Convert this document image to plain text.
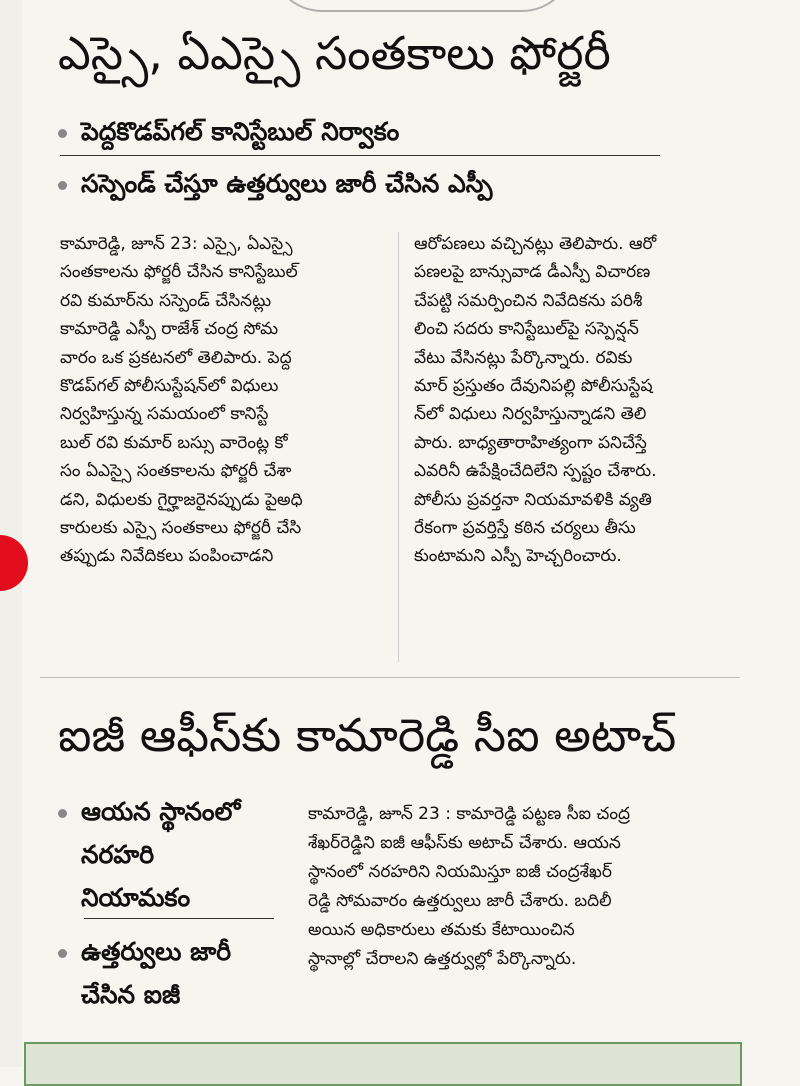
ఎస్సై, ఏఎస్సై సంతకాలు ఫోర్జరీ
పెద్దకొడప్‌గల్ కానిస్టేబుల్ నిర్వాకం
సస్పెండ్ చేస్తూ ఉత్తర్వులు జారీ చేసిన ఎస్పీ
కామారెడ్డి, జూన్ 23: ఎస్సై, ఏఎస్సై
సంతకాలను ఫోర్జరీ చేసిన కానిస్టేబుల్
రవి కుమార్‌ను సస్పెండ్ చేసినట్లు
కామారెడ్డి ఎస్పీ రాజేశ్ చంద్ర సోమ
వారం ఒక ప్రకటనలో తెలిపారు. పెద్ద
కొడప్‌గల్ పోలీసుస్టేషన్‌లో విధులు
నిర్వహిస్తున్న సమయంలో కానిస్టే
బుల్ రవి కుమార్ బస్సు వారెంట్ల కో
సం ఏఎస్సై సంతకాలను ఫోర్జరీ చేశా
డని, విధులకు గైర్హాజరైనప్పుడు పైఅధి
కారులకు ఎస్సై సంతకాలు ఫోర్జరీ చేసి
తప్పుడు నివేదికలు పంపించాడని
ఆరోపణలు వచ్చినట్లు తెలిపారు. ఆరో
పణలపై బాన్సువాడ డీఎస్పీ విచారణ
చేపట్టి సమర్పించిన నివేదికను పరిశీ
లించి సదరు కానిస్టేబుల్‌పై సస్పెన్షన్
వేటు వేసినట్లు పేర్కొన్నారు. రవికు
మార్ ప్రస్తుతం దేవునిపల్లి పోలీసుస్టేష
న్‌లో విధులు నిర్వహిస్తున్నాడని తెలి
పారు. బాధ్యతారాహిత్యంగా పనిచేస్తే
ఎవరినీ ఉపేక్షించేదిలేని స్పష్టం చేశారు.
పోలీసు ప్రవర్తనా నియమావళికి వ్యతి
రేకంగా ప్రవర్తిస్తే కఠిన చర్యలు తీసు
కుంటామని ఎస్పీ హెచ్చరించారు.
ఐజీ ఆఫీస్‌కు కామారెడ్డి సీఐ అటాచ్
ఆయన స్థానంలో
నరహరి
నియామకం
ఉత్తర్వులు జారీ
చేసిన ఐజీ
కామారెడ్డి, జూన్ 23 : కామారెడ్డి పట్టణ సీఐ చంద్ర
శేఖర్‌రెడ్డిని ఐజీ ఆఫీస్‌కు అటాచ్ చేశారు. ఆయన
స్థానంలో నరహరిని నియమిస్తూ ఐజీ చంద్రశేఖర్
రెడ్డి సోమవారం ఉత్తర్వులు జారీ చేశారు. బదిలీ
అయిన అధికారులు తమకు కేటాయించిన
స్థానాల్లో చేరాలని ఉత్తర్వుల్లో పేర్కొన్నారు.
